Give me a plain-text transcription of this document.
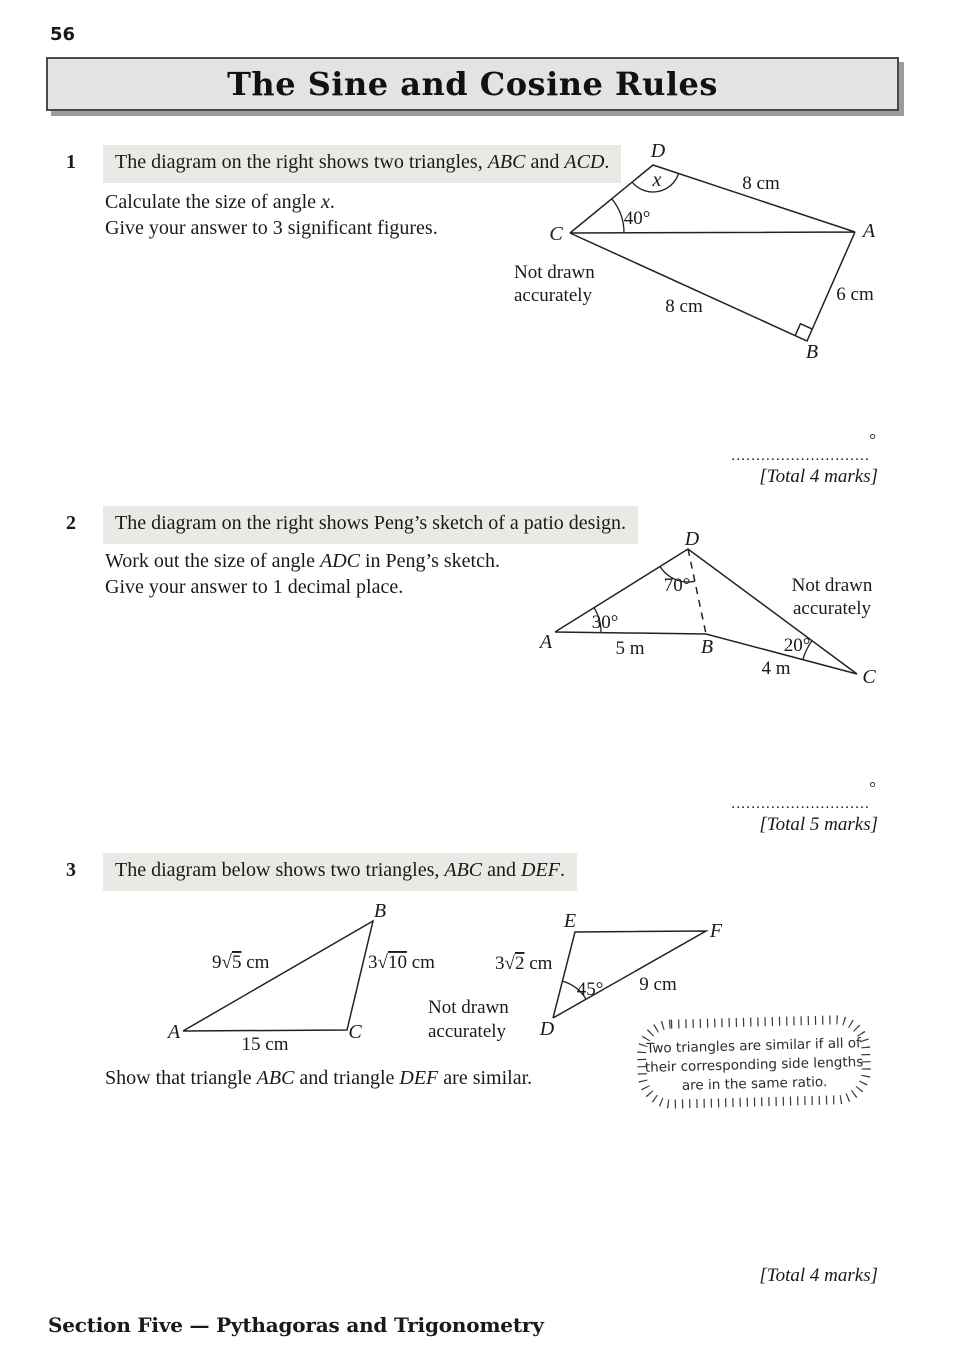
56
The Sine and Cosine Rules
1	The diagram on the right shows two triangles, ABC and ACD.
Calculate the size of angle x.
Give your answer to 3 significant figures.
D
x	8 cm
40°
C	A
B
8 cm
6 cm
Not drawn
accurately
°
............................
[Total 4 marks]
2	The diagram on the right shows Peng’s sketch of a patio design.
Work out the size of angle ADC in Peng’s sketch.
Give your answer to 1 decimal place.
D
70°
30°
A	5 m	B	20°
4 m	C
Not drawn
accurately
°
............................
[Total 5 marks]
3	The diagram below shows two triangles, ABC and DEF.
B
9√5 cm	3√10 cm
A	C
15 cm
Not drawn
accurately
E	F
3√2 cm
45° 9 cm
D
Two triangles are similar if all of
their corresponding side lengths
are in the same ratio.
Show that triangle ABC and triangle DEF are similar.
[Total 4 marks]
Section Five — Pythagoras and Trigonometry
